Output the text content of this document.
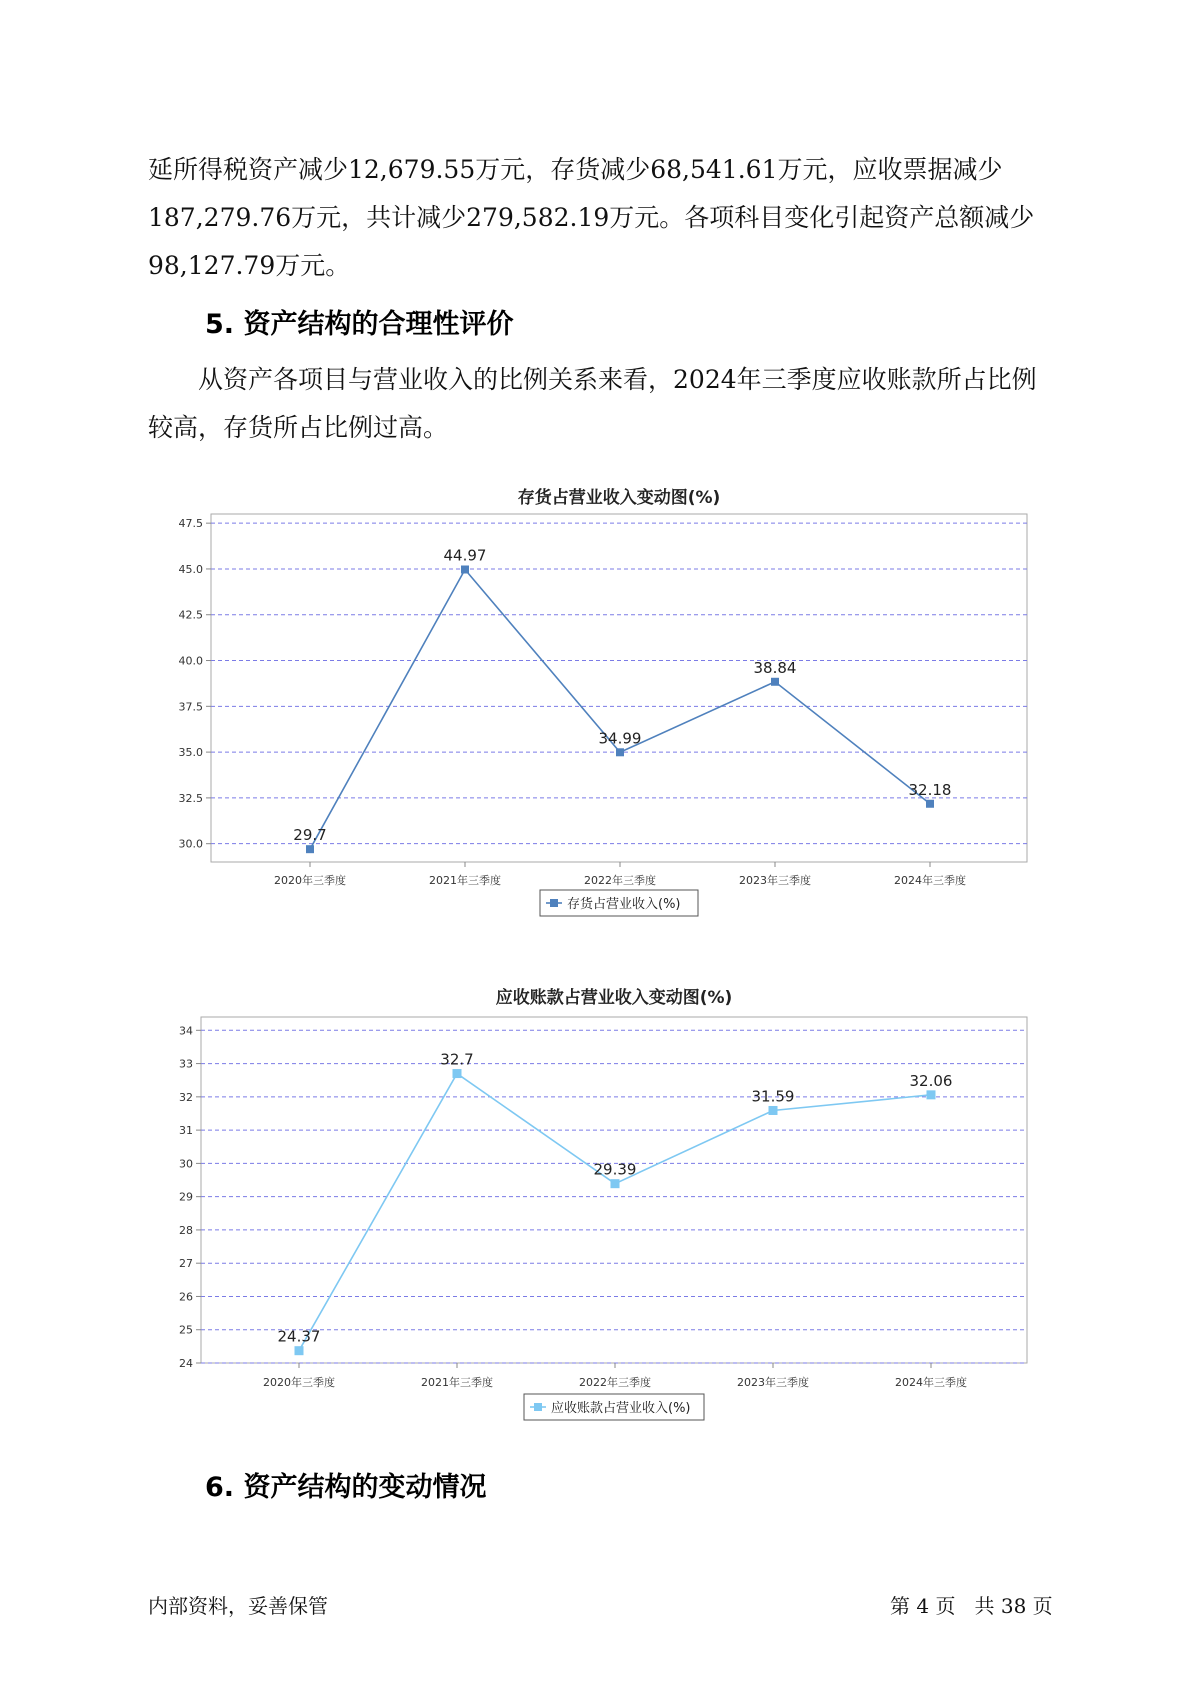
延所得税资产减少12,679.55万元，存货减少68,541.61万元，应收票据减少187,279.76万元，共计减少279,582.19万元。各项科目变化引起资产总额减少98,127.79万元。

5. 资产结构的合理性评价

从资产各项目与营业收入的比例关系来看，2024年三季度应收账款所占比例较高，存货所占比例过高。

存货占营业收入变动图(%)
30.0
32.5
35.0
37.5
40.0
42.5
45.0
47.5
2020年三季度	2021年三季度	2022年三季度	2023年三季度	2024年三季度
29.7
44.97
34.99
38.84
32.18
存货占营业收入(%)
应收账款占营业收入变动图(%)
24
25
26
27
28
29
30
31
32
33
34
2020年三季度	2021年三季度	2022年三季度	2023年三季度	2024年三季度
24.37
32.7
29.39
31.59
32.06
应收账款占营业收入(%)
6. 资产结构的变动情况
内部资料，妥善保管	第 4 页   共 38 页
